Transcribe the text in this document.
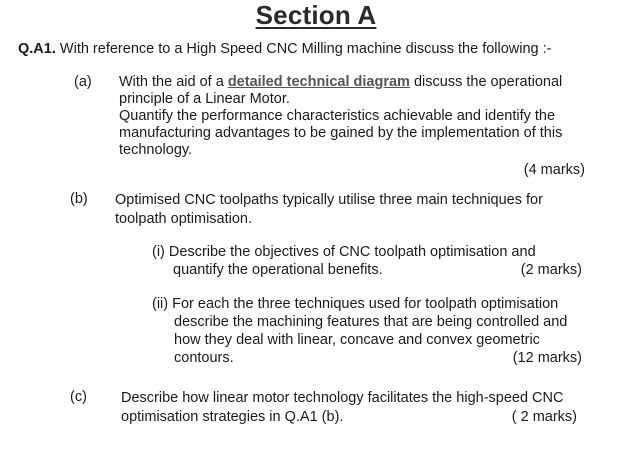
Section A
Q.A1. With reference to a High Speed CNC Milling machine discuss the following :-
(a) With the aid of a detailed technical diagram discuss the operational
principle of a Linear Motor.
Quantify the performance characteristics achievable and identify the
manufacturing advantages to be gained by the implementation of this
technology.
(4 marks)
(b) Optimised CNC toolpaths typically utilise three main techniques for
toolpath optimisation.
(i) Describe the objectives of CNC toolpath optimisation and
quantify the operational benefits.	(2 marks)
(ii) For each the three techniques used for toolpath optimisation
describe the machining features that are being controlled and
how they deal with linear, concave and convex geometric
contours.	(12 marks)
(c) Describe how linear motor technology facilitates the high-speed CNC
optimisation strategies in Q.A1 (b).	( 2 marks)
